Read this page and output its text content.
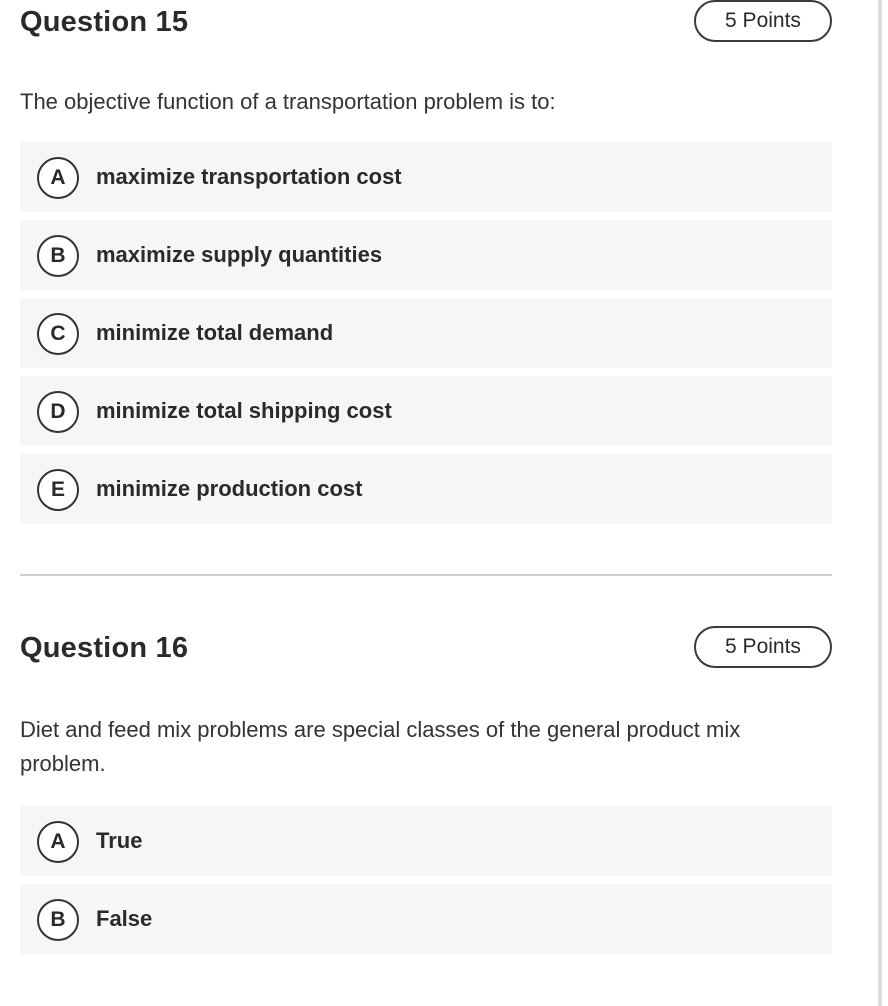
Question 15	5 Points
The objective function of a transportation problem is to:
A	maximize transportation cost
B	maximize supply quantities
C	minimize total demand
D	minimize total shipping cost
E	minimize production cost
Question 16	5 Points
Diet and feed mix problems are special classes of the general product mix problem.
A	True
B	False
